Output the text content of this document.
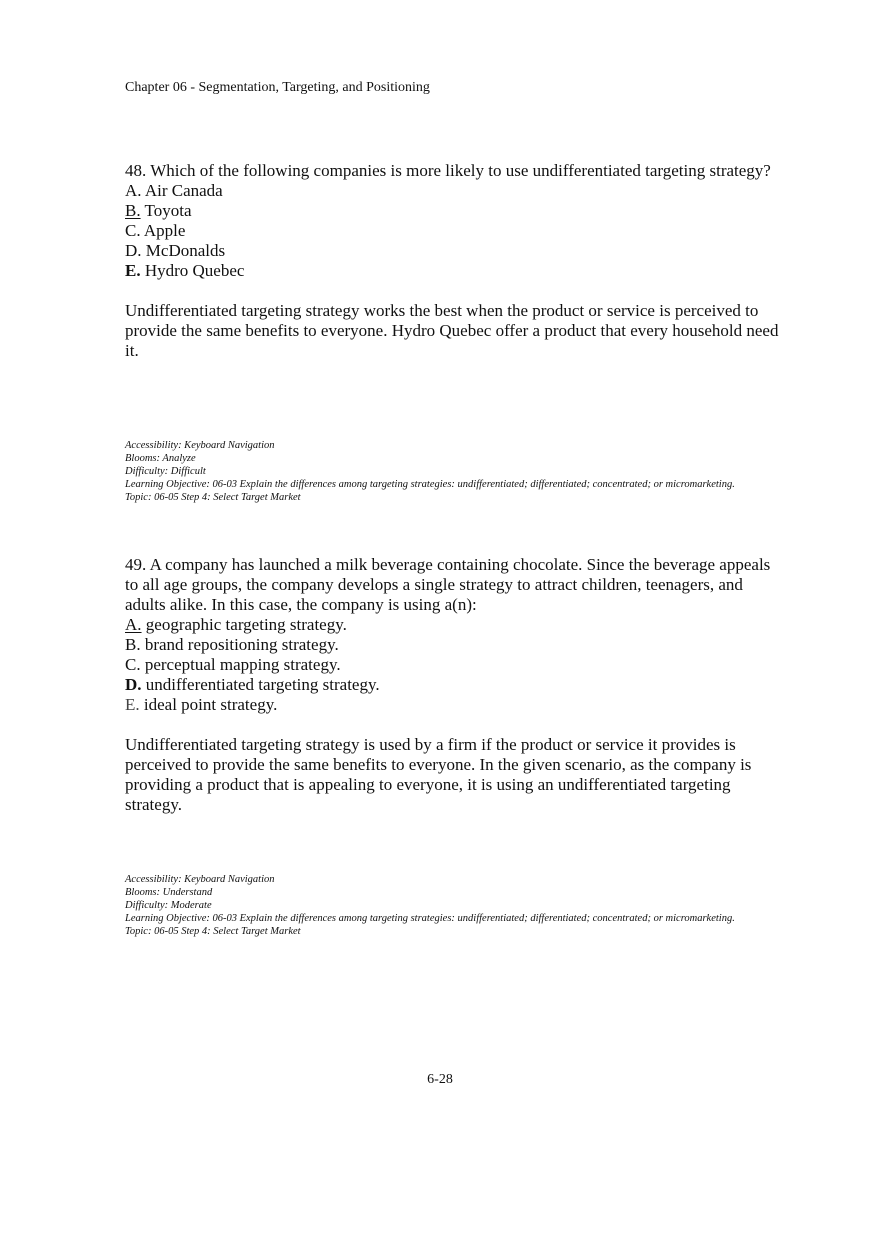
Chapter 06 - Segmentation, Targeting, and Positioning

48. Which of the following companies is more likely to use undifferentiated targeting strategy?

A. Air Canada
B. Toyota
C. Apple
D. McDonalds
E. Hydro Quebec

Undifferentiated targeting strategy works the best when the product or service is perceived to provide the same benefits to everyone. Hydro Quebec offer a product that every household need it.

Accessibility: Keyboard Navigation
Blooms: Analyze
Difficulty: Difficult
Learning Objective: 06-03 Explain the differences among targeting strategies: undifferentiated; differentiated; concentrated; or micromarketing.
Topic: 06-05 Step 4: Select Target Market

49. A company has launched a milk beverage containing chocolate. Since the beverage appeals to all age groups, the company develops a single strategy to attract children, teenagers, and adults alike. In this case, the company is using a(n):

A. geographic targeting strategy.
B. brand repositioning strategy.
C. perceptual mapping strategy.
D. undifferentiated targeting strategy.
E. ideal point strategy.

Undifferentiated targeting strategy is used by a firm if the product or service it provides is perceived to provide the same benefits to everyone. In the given scenario, as the company is providing a product that is appealing to everyone, it is using an undifferentiated targeting strategy.

Accessibility: Keyboard Navigation
Blooms: Understand
Difficulty: Moderate
Learning Objective: 06-03 Explain the differences among targeting strategies: undifferentiated; differentiated; concentrated; or micromarketing.
Topic: 06-05 Step 4: Select Target Market
6-28
